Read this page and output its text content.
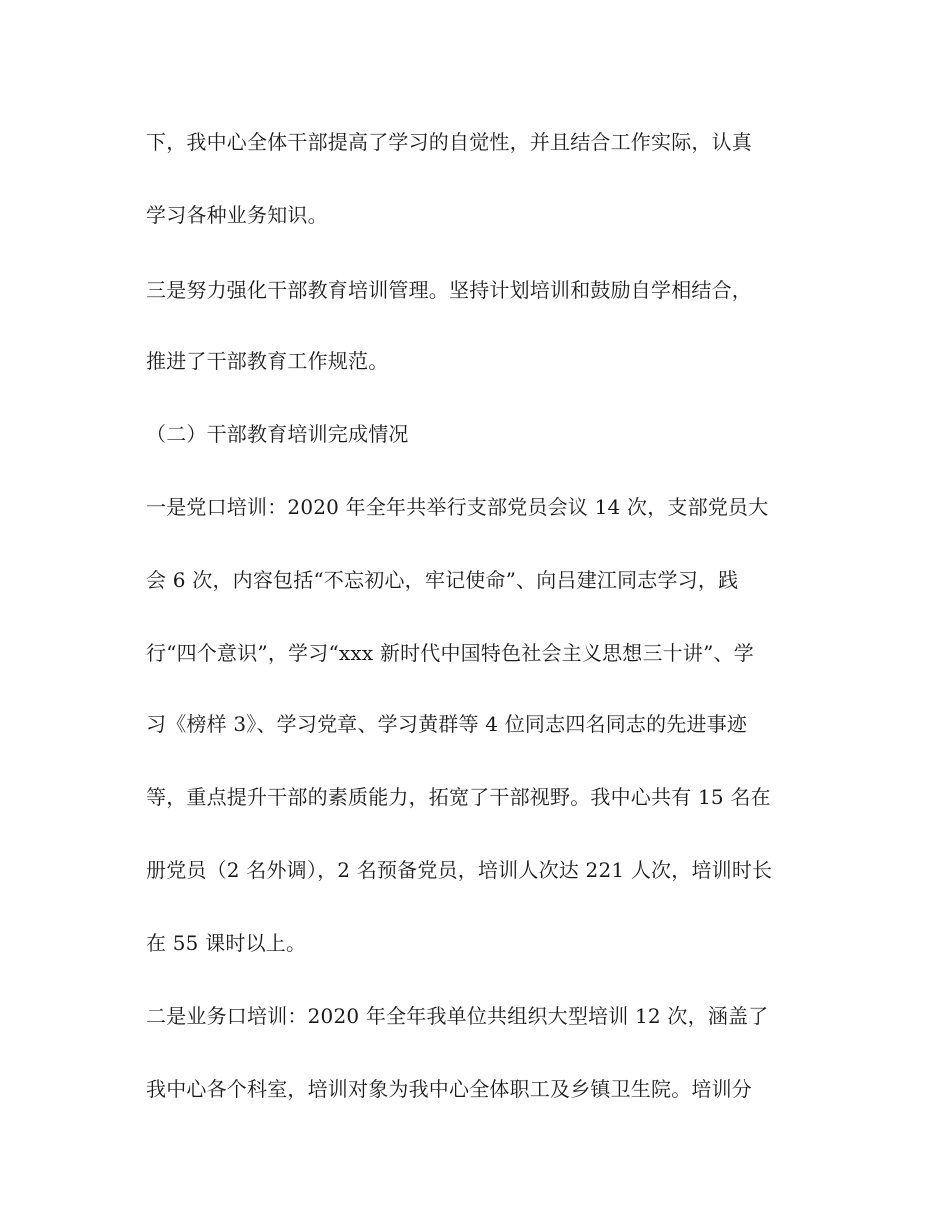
下，我中心全体干部提高了学习的自觉性，并且结合工作实际，认真
学习各种业务知识。
三是努力强化干部教育培训管理。坚持计划培训和鼓励自学相结合，
推进了干部教育工作规范。
（二）干部教育培训完成情况
一是党口培训：2020 年全年共举行支部党员会议 14 次，支部党员大
会 6 次，内容包括“不忘初心，牢记使命”、向吕建江同志学习，践
行“四个意识”，学习“xxx 新时代中国特色社会主义思想三十讲”、学
习《榜样 3》、学习党章、学习黄群等 4 位同志四名同志的先进事迹
等，重点提升干部的素质能力，拓宽了干部视野。我中心共有 15 名在
册党员（2 名外调），2 名预备党员，培训人次达 221 人次，培训时长
在 55 课时以上。
二是业务口培训：2020 年全年我单位共组织大型培训 12 次，涵盖了
我中心各个科室，培训对象为我中心全体职工及乡镇卫生院。培训分
